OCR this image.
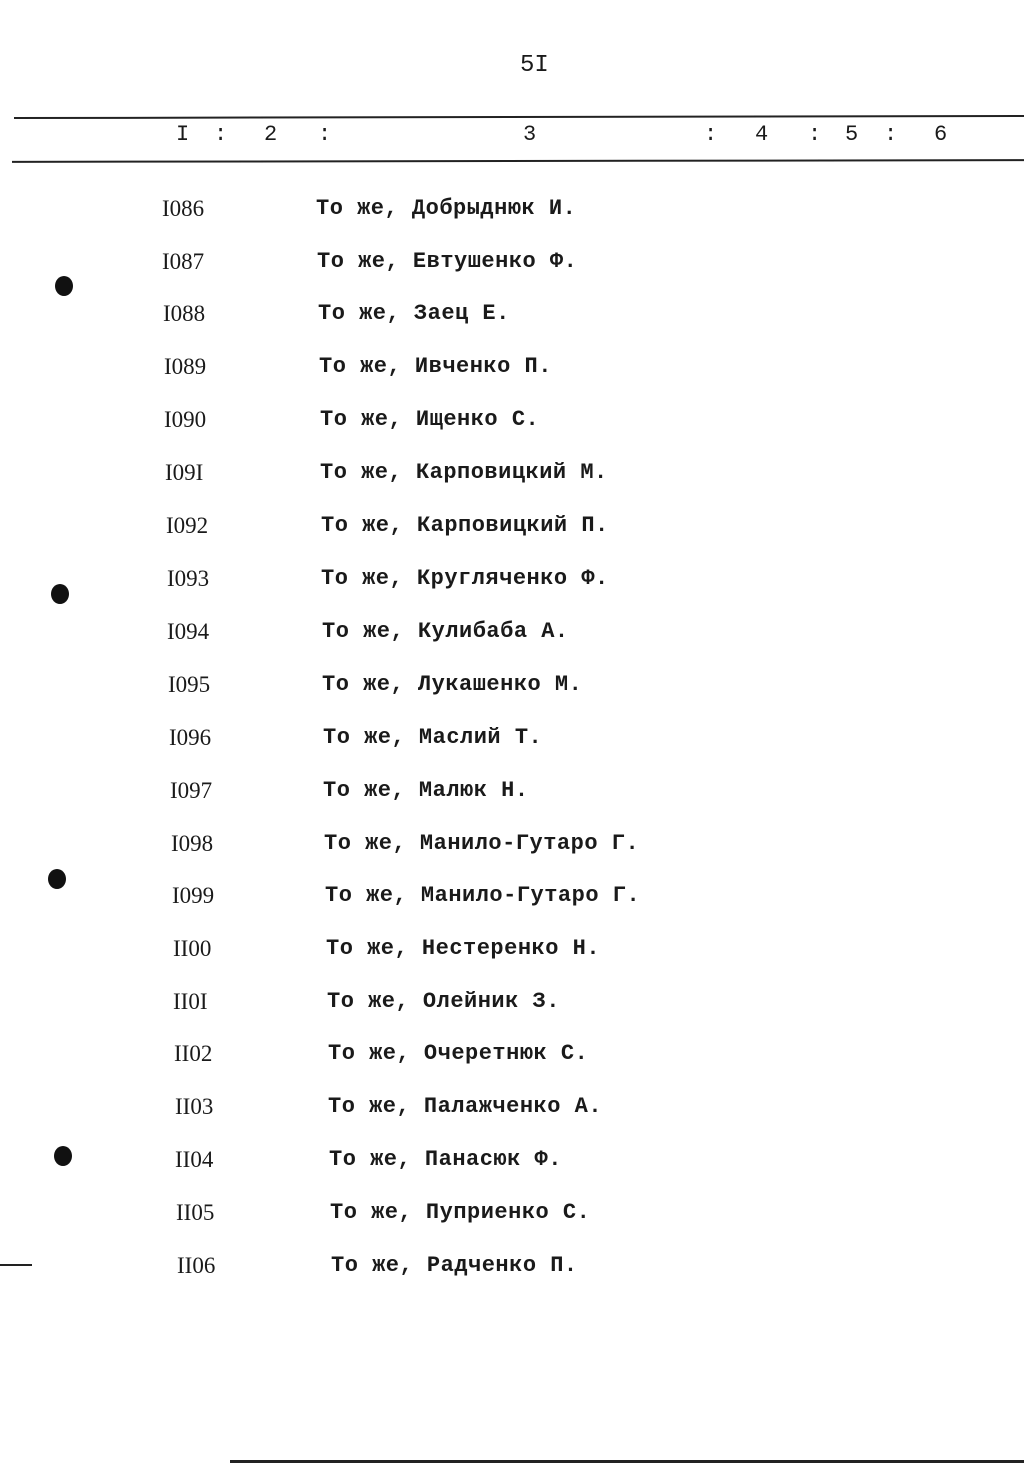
5I
I : 2 :	3	: 4 : 5 : 6
I086	То же, Добрыднюк И.
I087	То же, Евтушенко Ф.
I088	То же, Заец Е.
I089	То же, Ивченко П.
I090	То же, Ищенко С.
I09I	То же, Карповицкий М.
I092	То же, Карповицкий П.
I093	То же, Кругляченко Ф.
I094	То же, Кулибаба А.
I095	То же, Лукашенко М.
I096	То же, Маслий Т.
I097	То же, Малюк Н.
I098	То же, Манило-Гутаро Г.
I099	То же, Манило-Гутаро Г.
II00	То же, Нестеренко Н.
II0I	То же, Олейник З.
II02	То же, Очеретнюк С.
II03	То же, Палажченко А.
II04	То же, Панасюк Ф.
II05	То же, Пуприенко С.
II06	То же, Радченко П.
